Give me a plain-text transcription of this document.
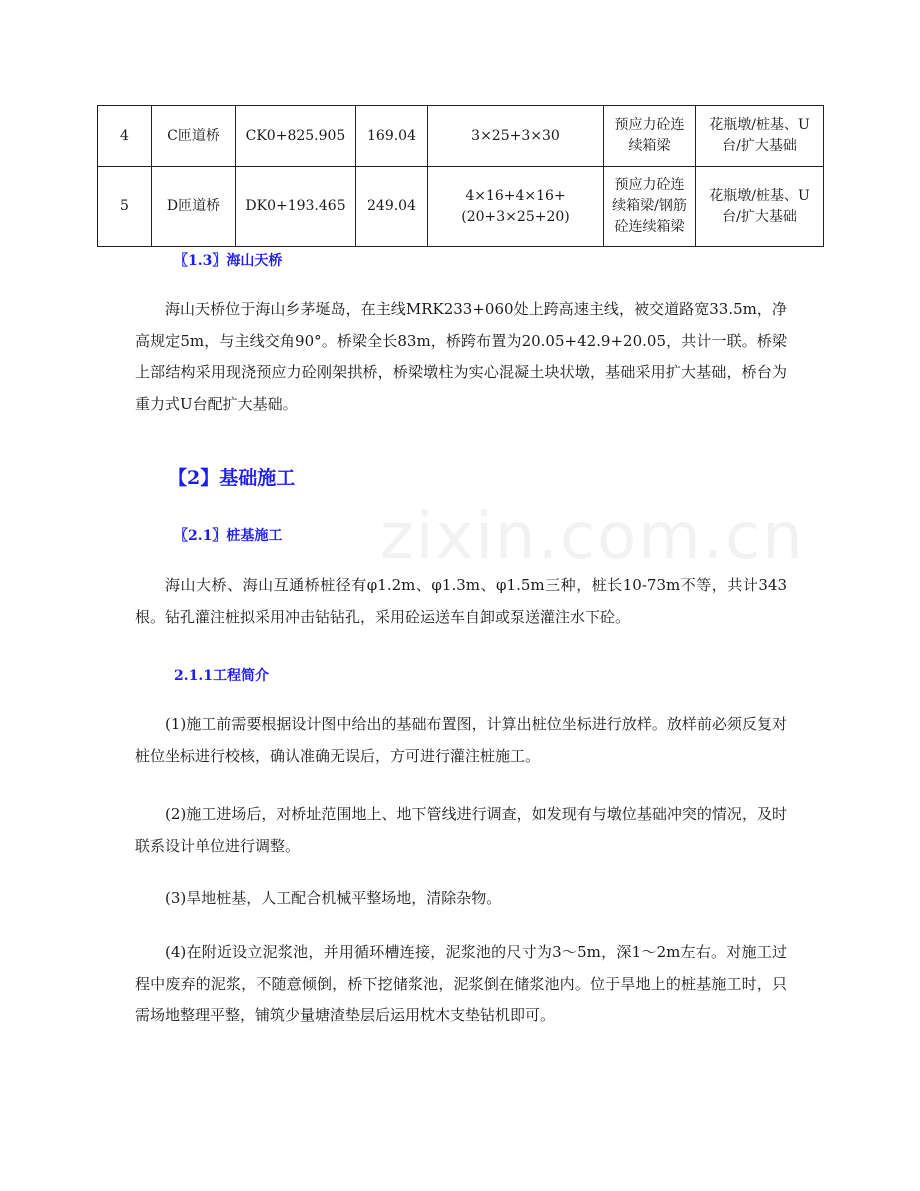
4	C匝道桥	CK0+825.905	169.04	3×25+3×30	预应力砼连续箱梁	花瓶墩/桩基、U台/扩大基础
5	D匝道桥	DK0+193.465	249.04	4×16+4×16+(20+3×25+20)	预应力砼连续箱梁/钢筋砼连续箱梁	花瓶墩/桩基、U台/扩大基础
〖1.3〗海山天桥

海山天桥位于海山乡茅埏岛，在主线MRK233+060处上跨高速主线，被交道路宽33.5m，净高规定5m，与主线交角90°。桥梁全长83m，桥跨布置为20.05+42.9+20.05，共计一联。桥梁上部结构采用现浇预应力砼刚架拱桥，桥梁墩柱为实心混凝土块状墩，基础采用扩大基础，桥台为重力式U台配扩大基础。

【2】基础施工
〖2.1〗桩基施工

海山大桥、海山互通桥桩径有φ1.2m、φ1.3m、φ1.5m三种，桩长10-73m不等，共计343根。钻孔灌注桩拟采用冲击钻钻孔，采用砼运送车自卸或泵送灌注水下砼。

2.1.1工程简介

(1)施工前需要根据设计图中给出的基础布置图，计算出桩位坐标进行放样。放样前必须反复对桩位坐标进行校核，确认准确无误后，方可进行灌注桩施工。

(2)施工进场后，对桥址范围地上、地下管线进行调查，如发现有与墩位基础冲突的情况，及时联系设计单位进行调整。

(3)旱地桩基，人工配合机械平整场地，清除杂物。

(4)在附近设立泥浆池，并用循环槽连接，泥浆池的尺寸为3～5m，深1～2m左右。对施工过程中废弃的泥浆，不随意倾倒，桥下挖储浆池，泥浆倒在储浆池内。位于旱地上的桩基施工时，只需场地整理平整，铺筑少量塘渣垫层后运用枕木支垫钻机即可。

zixin.com.cn
